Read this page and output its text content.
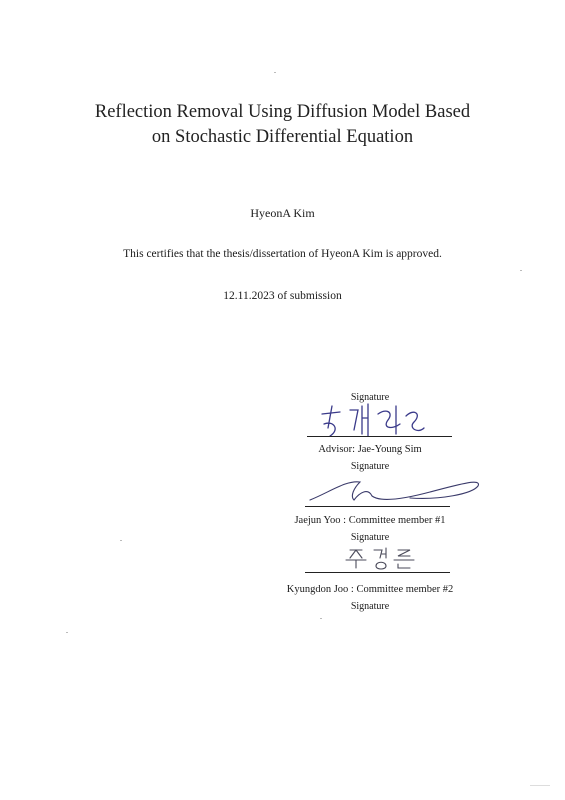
Reflection Removal Using Diffusion Model Based
on Stochastic Differential Equation
HyeonA Kim
This certifies that the thesis/dissertation of HyeonA Kim is approved.
12.11.2023 of submission
Signature
Advisor: Jae-Young Sim
Signature
Jaejun Yoo : Committee member #1
Signature
Kyungdon Joo : Committee member #2
Signature
